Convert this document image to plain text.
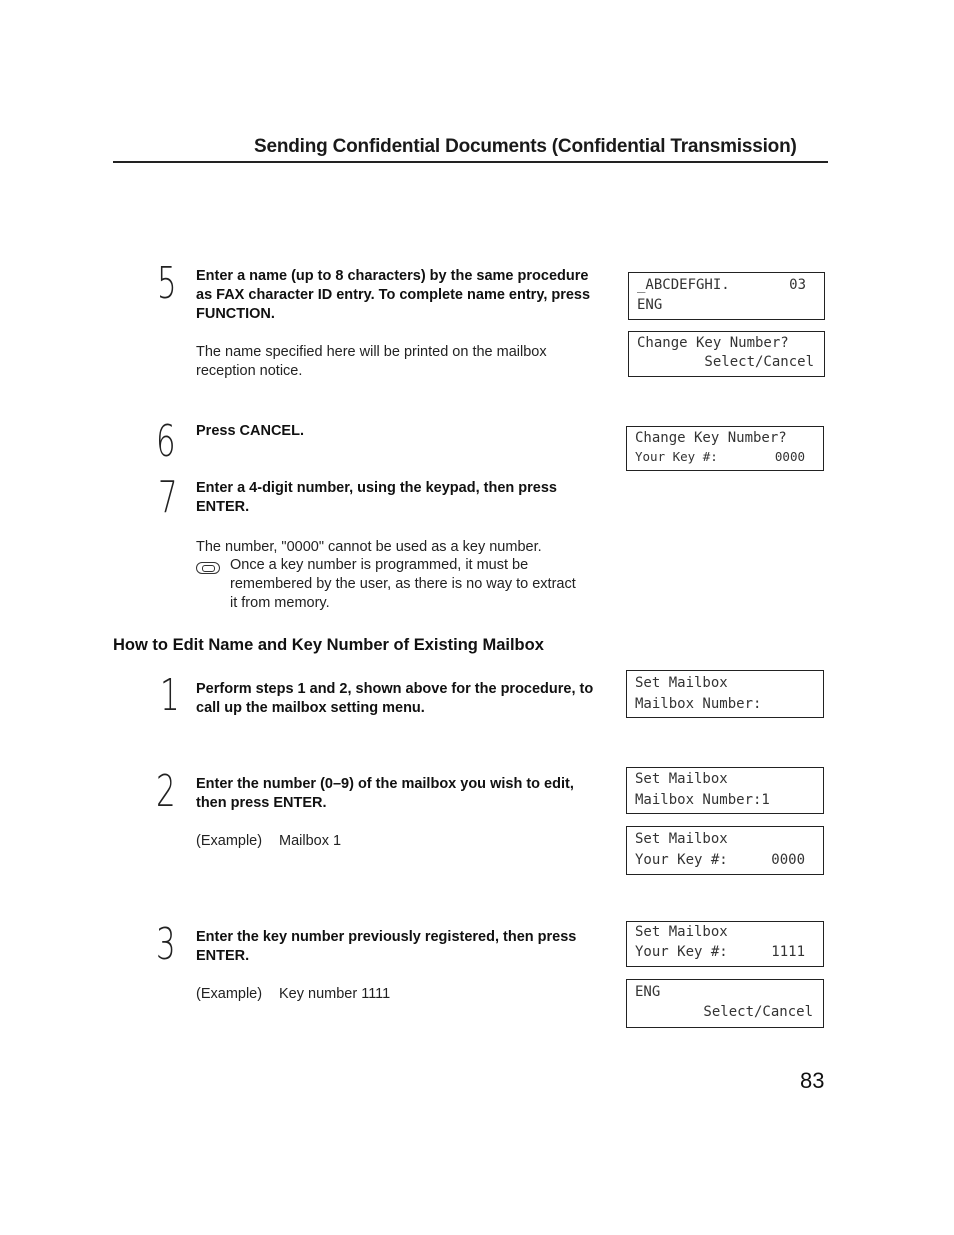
Sending Confidential Documents (Confidential Transmission)
5 Enter a name (up to 8 characters) by the same procedure
as FAX character ID entry. To complete name entry, press
FUNCTION.
The name specified here will be printed on the mailbox
reception notice.
6 Press CANCEL.
7 Enter a 4-digit number, using the keypad, then press
ENTER.
The number, "0000" cannot be used as a key number.
Once a key number is programmed, it must be
remembered by the user, as there is no way to extract
it from memory.
How to Edit Name and Key Number of Existing Mailbox
1 Perform steps 1 and 2, shown above for the procedure, to
call up the mailbox setting menu.
2 Enter the number (0–9) of the mailbox you wish to edit,
then press ENTER.
(Example) Mailbox 1
3 Enter the key number previously registered, then press
ENTER.
(Example) Key number 1111
_ABCDEFGHI.	03
ENG
Change Key Number?
Select/Cancel
Change Key Number?
Your Key #:	0000
Set Mailbox
Mailbox Number:
Set Mailbox
Mailbox Number:1
Set Mailbox
Your Key #:	0000
Set Mailbox
Your Key #:	1111
ENG
Select/Cancel
83
